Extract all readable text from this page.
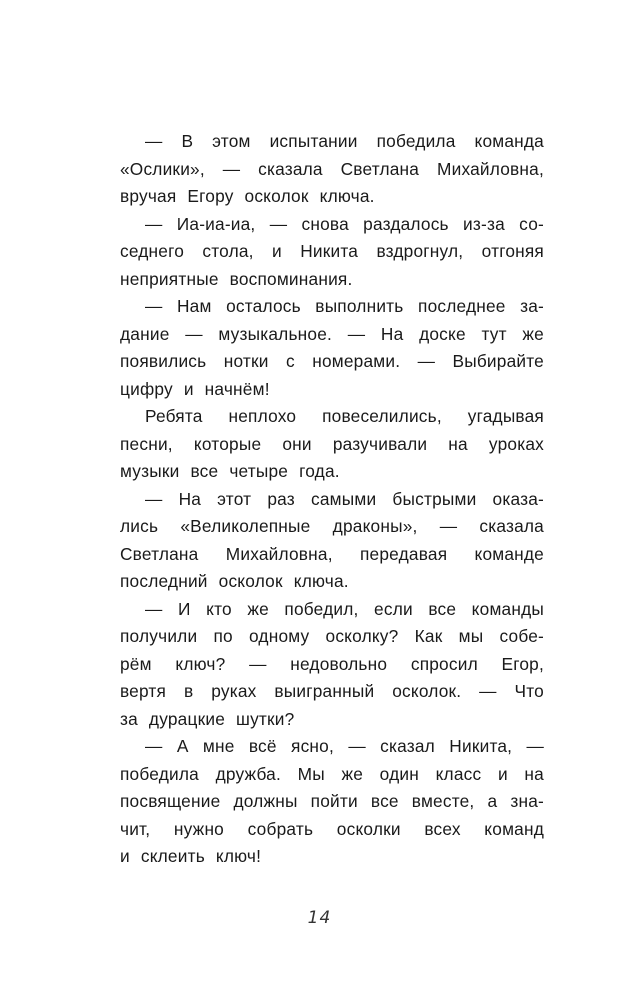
— В этом испытании победила команда
«Ослики», — сказала Светлана Михайловна,
вручая Егору осколок ключа.
— Иа-иа-иа, — снова раздалось из-за со-
седнего стола, и Никита вздрогнул, отгоняя
неприятные воспоминания.
— Нам осталось выполнить последнее за-
дание — музыкальное. — На доске тут же
появились нотки с номерами. — Выбирайте
цифру и начнём!
Ребята неплохо повеселились, угадывая
песни, которые они разучивали на уроках
музыки все четыре года.
— На этот раз самыми быстрыми оказа-
лись «Великолепные драконы», — сказала
Светлана Михайловна, передавая команде
последний осколок ключа.
— И кто же победил, если все команды
получили по одному осколку? Как мы собе-
рём ключ? — недовольно спросил Егор,
вертя в руках выигранный осколок. — Что
за дурацкие шутки?
— А мне всё ясно, — сказал Никита, —
победила дружба. Мы же один класс и на
посвящение должны пойти все вместе, а зна-
чит, нужно собрать осколки всех команд
и склеить ключ!
14
